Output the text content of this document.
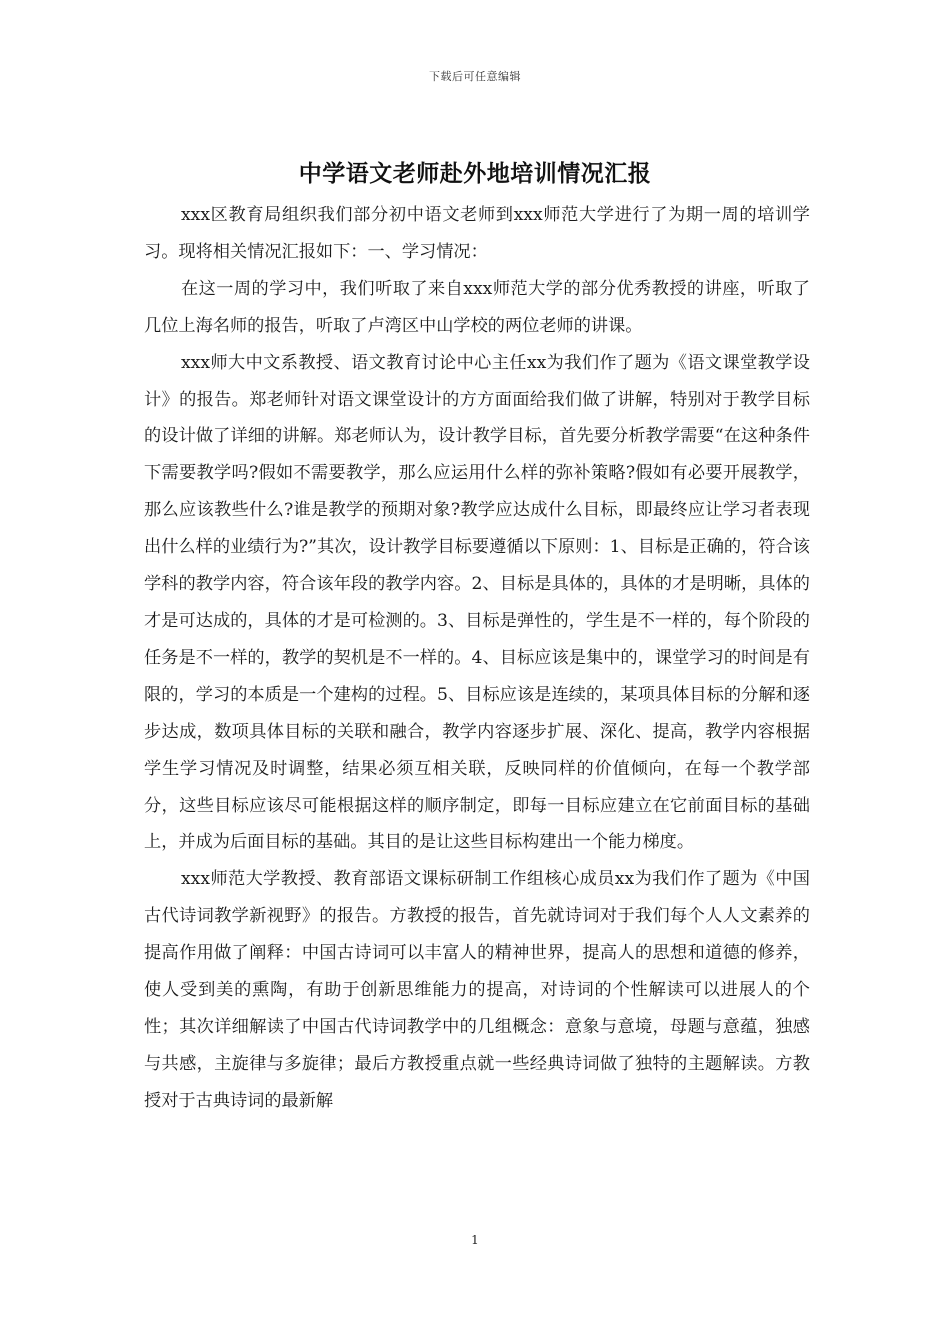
下载后可任意编辑
中学语文老师赴外地培训情况汇报

xxx区教育局组织我们部分初中语文老师到xxx师范大学进行了为期一周的培训学习。现将相关情况汇报如下：一、学习情况：

在这一周的学习中，我们听取了来自xxx师范大学的部分优秀教授的讲座，听取了几位上海名师的报告，听取了卢湾区中山学校的两位老师的讲课。

xxx师大中文系教授、语文教育讨论中心主任xx为我们作了题为《语文课堂教学设计》的报告。郑老师针对语文课堂设计的方方面面给我们做了讲解，特别对于教学目标的设计做了详细的讲解。郑老师认为，设计教学目标，首先要分析教学需要“在这种条件下需要教学吗?假如不需要教学，那么应运用什么样的弥补策略?假如有必要开展教学，那么应该教些什么?谁是教学的预期对象?教学应达成什么目标，即最终应让学习者表现出什么样的业绩行为?”其次，设计教学目标要遵循以下原则：1、目标是正确的，符合该学科的教学内容，符合该年段的教学内容。2、目标是具体的，具体的才是明晰，具体的才是可达成的，具体的才是可检测的。3、目标是弹性的，学生是不一样的，每个阶段的任务是不一样的，教学的契机是不一样的。4、目标应该是集中的，课堂学习的时间是有限的，学习的本质是一个建构的过程。5、目标应该是连续的，某项具体目标的分解和逐步达成，数项具体目标的关联和融合，教学内容逐步扩展、深化、提高，教学内容根据学生学习情况及时调整，结果必须互相关联，反映同样的价值倾向，在每一个教学部分，这些目标应该尽可能根据这样的顺序制定，即每一目标应建立在它前面目标的基础上，并成为后面目标的基础。其目的是让这些目标构建出一个能力梯度。

xxx师范大学教授、教育部语文课标研制工作组核心成员xx为我们作了题为《中国古代诗词教学新视野》的报告。方教授的报告，首先就诗词对于我们每个人人文素养的提高作用做了阐释：中国古诗词可以丰富人的精神世界，提高人的思想和道德的修养，使人受到美的熏陶，有助于创新思维能力的提高，对诗词的个性解读可以进展人的个性；其次详细解读了中国古代诗词教学中的几组概念：意象与意境，母题与意蕴，独感与共感，主旋律与多旋律；最后方教授重点就一些经典诗词做了独特的主题解读。方教授对于古典诗词的最新解

1
